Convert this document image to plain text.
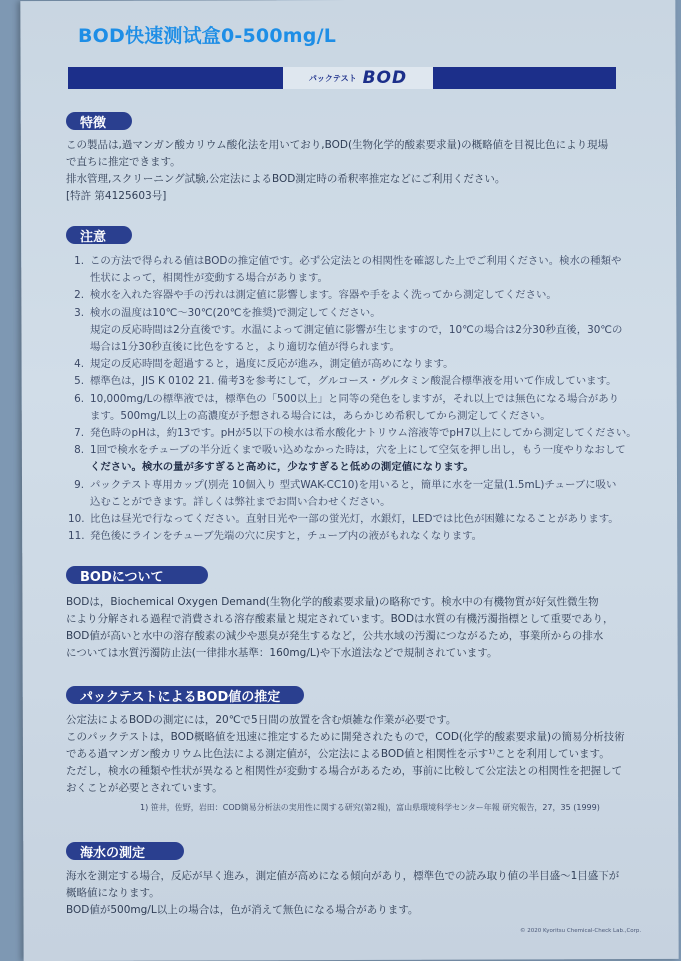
BOD快速测试盒0-500mg/L
パックテスト BOD
特徴
この製品は,過マンガン酸カリウム酸化法を用いており,BOD(生物化学的酸素要求量)の概略値を目視比色により現場
で直ちに推定できます。
排水管理,スクリーニング試験,公定法によるBOD測定時の希釈率推定などにご利用ください。
[特許 第4125603号]
注意
1. この方法で得られる値はBODの推定値です。必ず公定法との相関性を確認した上でご利用ください。検水の種類や
性状によって，相関性が変動する場合があります。
2. 検水を入れた容器や手の汚れは測定値に影響します。容器や手をよく洗ってから測定してください。
3. 検水の温度は10℃～30℃(20℃を推奨)で測定してください。
規定の反応時間は2分直後です。水温によって測定値に影響が生じますので，10℃の場合は2分30秒直後，30℃の
場合は1分30秒直後に比色をすると，より適切な値が得られます。
4. 規定の反応時間を超過すると，過度に反応が進み，測定値が高めになります。
5. 標準色は，JIS K 0102 21. 備考3を参考にして，グルコース・グルタミン酸混合標準液を用いて作成しています。
6. 10,000mg/Lの標準液では，標準色の「500以上」と同等の発色をしますが，それ以上では無色になる場合があり
ます。500mg/L以上の高濃度が予想される場合には，あらかじめ希釈してから測定してください。
7. 発色時のpHは，約13です。pHが5以下の検水は希水酸化ナトリウム溶液等でpH7以上にしてから測定してください。
8. 1回で検水をチューブの半分近くまで吸い込めなかった時は，穴を上にして空気を押し出し，もう一度やりなおして
ください。検水の量が多すぎると高めに，少なすぎると低めの測定値になります。
9. パックテスト専用カップ(別売 10個入り 型式WAK-CC10)を用いると，簡単に水を一定量(1.5mL)チューブに吸い
込むことができます。詳しくは弊社までお問い合わせください。
10. 比色は昼光で行なってください。直射日光や一部の蛍光灯，水銀灯，LEDでは比色が困難になることがあります。
11. 発色後にラインをチューブ先端の穴に戻すと，チューブ内の液がもれなくなります。
BODについて
BODは，Biochemical Oxygen Demand(生物化学的酸素要求量)の略称です。検水中の有機物質が好気性微生物
により分解される過程で消費される溶存酸素量と規定されています。BODは水質の有機汚濁指標として重要であり，
BOD値が高いと水中の溶存酸素の減少や悪臭が発生するなど，公共水域の汚濁につながるため，事業所からの排水
については水質汚濁防止法(一律排水基準：160mg/L)や下水道法などで規制されています。
パックテストによるBOD値の推定
公定法によるBODの測定には，20℃で5日間の放置を含む煩雑な作業が必要です。
このパックテストは，BOD概略値を迅速に推定するために開発されたもので，COD(化学的酸素要求量)の簡易分析技術
である過マンガン酸カリウム比色法による測定値が，公定法によるBOD値と相関性を示す¹⁾ことを利用しています。
ただし，検水の種類や性状が異なると相関性が変動する場合があるため，事前に比較して公定法との相関性を把握して
おくことが必要とされています。
1) 笹井，佐野，岩田：COD簡易分析法の実用性に関する研究(第2報)，富山県環境科学センター年報 研究報告，27，35 (1999)
海水の測定
海水を測定する場合，反応が早く進み，測定値が高めになる傾向があり，標準色での読み取り値の半目盛～1目盛下が
概略値になります。
BOD値が500mg/L以上の場合は，色が消えて無色になる場合があります。
© 2020 Kyoritsu Chemical-Check Lab.,Corp.
